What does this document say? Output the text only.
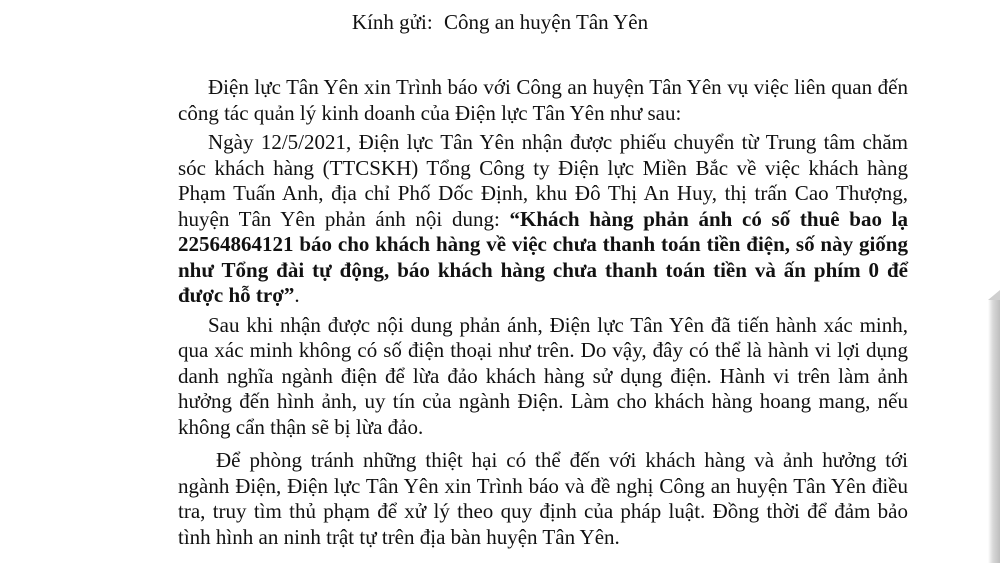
Kính gửi: Công an huyện Tân Yên

Điện lực Tân Yên xin Trình báo với Công an huyện Tân Yên vụ việc liên quan đến công tác quản lý kinh doanh của Điện lực Tân Yên như sau:

Ngày 12/5/2021, Điện lực Tân Yên nhận được phiếu chuyển từ Trung tâm chăm sóc khách hàng (TTCSKH) Tổng Công ty Điện lực Miền Bắc về việc khách hàng Phạm Tuấn Anh, địa chỉ Phố Dốc Định, khu Đô Thị An Huy, thị trấn Cao Thượng, huyện Tân Yên phản ánh nội dung: “Khách hàng phản ánh có số thuê bao lạ 22564864121 báo cho khách hàng về việc chưa thanh toán tiền điện, số này giống như Tổng đài tự động, báo khách hàng chưa thanh toán tiền và ấn phím 0 để được hỗ trợ”.

Sau khi nhận được nội dung phản ánh, Điện lực Tân Yên đã tiến hành xác minh, qua xác minh không có số điện thoại như trên. Do vậy, đây có thể là hành vi lợi dụng danh nghĩa ngành điện để lừa đảo khách hàng sử dụng điện. Hành vi trên làm ảnh hưởng đến hình ảnh, uy tín của ngành Điện. Làm cho khách hàng hoang mang, nếu không cẩn thận sẽ bị lừa đảo.

Để phòng tránh những thiệt hại có thể đến với khách hàng và ảnh hưởng tới ngành Điện, Điện lực Tân Yên xin Trình báo và đề nghị Công an huyện Tân Yên điều tra, truy tìm thủ phạm để xử lý theo quy định của pháp luật. Đồng thời để đảm bảo tình hình an ninh trật tự trên địa bàn huyện Tân Yên.
